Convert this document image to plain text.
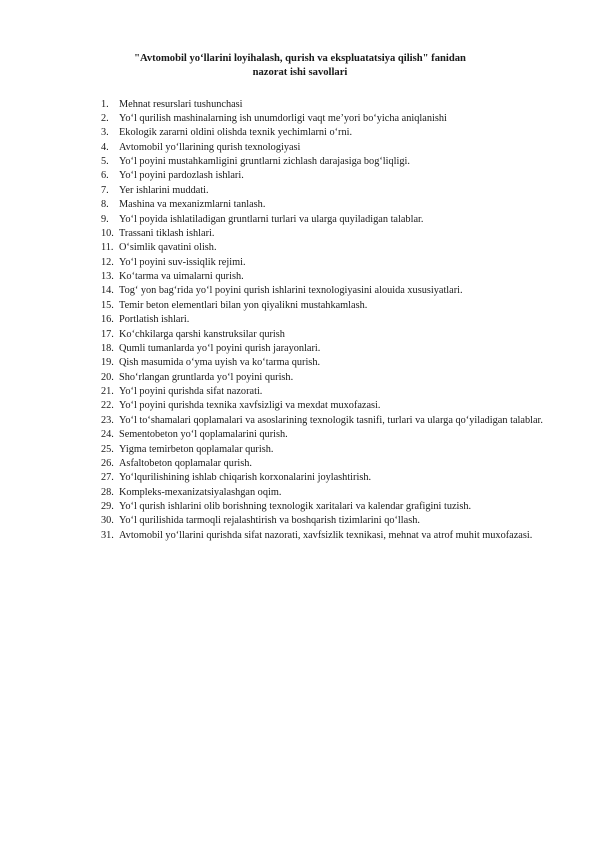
"Avtomobil yo‘llarini loyihalash, qurish va ekspluatatsiya qilish" fanidan
nazorat ishi savollari
1. Mehnat resurslari tushunchasi
2. Yo‘l qurilish mashinalarning ish unumdorligi vaqt me’yori bo‘yicha aniqlanishi
3. Ekologik zararni oldini olishda texnik yechimlarni o‘rni.
4. Avtomobil yo‘llarining qurish texnologiyasi
5. Yo‘l poyini mustahkamligini gruntlarni zichlash darajasiga bog‘liqligi.
6. Yo‘l poyini pardozlash ishlari.
7. Yer ishlarini muddati.
8. Mashina va mexanizmlarni tanlash.
9. Yo‘l poyida ishlatiladigan gruntlarni turlari va ularga quyiladigan talablar.
10. Trassani tiklash ishlari.
11. O‘simlik qavatini olish.
12. Yo‘l poyini suv-issiqlik rejimi.
13. Ko‘tarma va uimalarni qurish.
14. Tog‘ yon bag‘rida yo‘l poyini qurish ishlarini texnologiyasini alouida xususiyatlari.
15. Temir beton elementlari bilan yon qiyalikni mustahkamlash.
16. Portlatish ishlari.
17. Ko‘chkilarga qarshi kanstruksilar qurish
18. Qumli tumanlarda yo‘l poyini qurish jarayonlari.
19. Qish masumida o‘yma uyish va ko‘tarma qurish.
20. Sho‘rlangan gruntlarda yo‘l poyini qurish.
21. Yo‘l poyini qurishda sifat nazorati.
22. Yo‘l poyini qurishda texnika xavfsizligi va mexdat muxofazasi.
23. Yo‘l to‘shamalari qoplamalari va asoslarining texnologik tasnifi, turlari va ularga qo‘yiladigan talablar.
24. Sementobeton yo‘l qoplamalarini qurish.
25. Yigma temirbeton qoplamalar qurish.
26. Asfaltobeton qoplamalar qurish.
27. Yo‘lqurilishining ishlab chiqarish korxonalarini joylashtirish.
28. Kompleks-mexanizatsiyalashgan oqim.
29. Yo‘l qurish ishlarini olib borishning texnologik xaritalari va kalendar grafigini tuzish.
30. Yo‘l qurilishida tarmoqli rejalashtirish va boshqarish tizimlarini qo‘llash.
31. Avtomobil yo‘llarini qurishda sifat nazorati, xavfsizlik texnikasi, mehnat va atrof muhit muxofazasi.
